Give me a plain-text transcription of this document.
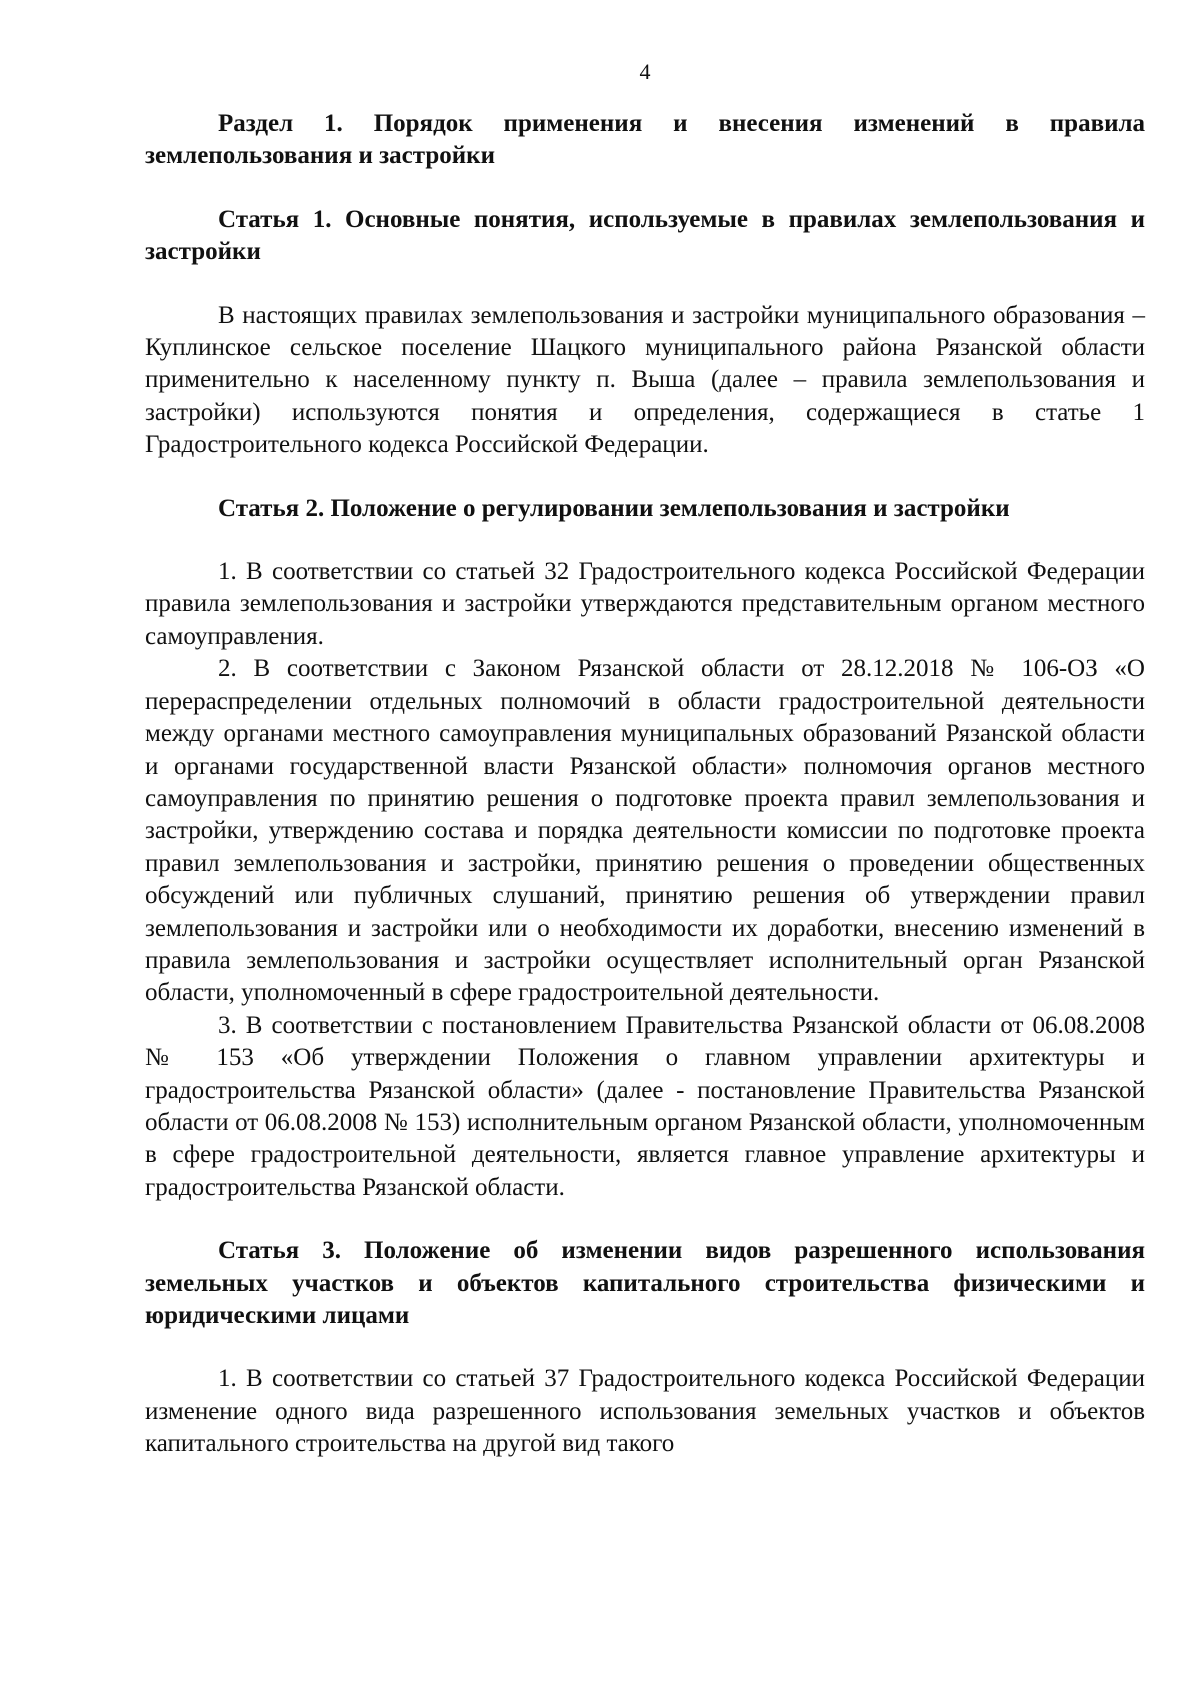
4
Раздел 1. Порядок применения и внесения изменений в правила землепользования и застройки
Статья 1. Основные понятия, используемые в правилах землепользования и застройки

В настоящих правилах землепользования и застройки муниципального образования – Куплинское сельское поселение Шацкого муниципального района Рязанской области применительно к населенному пункту п. Выша (далее – правила землепользования и застройки) используются понятия и определения, содержащиеся в статье 1 Градостроительного кодекса Российской Федерации.

Статья 2. Положение о регулировании землепользования и застройки

1. В соответствии со статьей 32 Градостроительного кодекса Российской Федерации правила землепользования и застройки утверждаются представительным органом местного самоуправления.

2. В соответствии с Законом Рязанской области от 28.12.2018 № 106-ОЗ «О перераспределении отдельных полномочий в области градостроительной деятельности между органами местного самоуправления муниципальных образований Рязанской области и органами государственной власти Рязанской области» полномочия органов местного самоуправления по принятию решения о подготовке проекта правил землепользования и застройки, утверждению состава и порядка деятельности комиссии по подготовке проекта правил землепользования и застройки, принятию решения о проведении общественных обсуждений или публичных слушаний, принятию решения об утверждении правил землепользования и застройки или о необходимости их доработки, внесению изменений в правила землепользования и застройки осуществляет исполнительный орган Рязанской области, уполномоченный в сфере градостроительной деятельности.

3. В соответствии с постановлением Правительства Рязанской области от 06.08.2008 № 153 «Об утверждении Положения о главном управлении архитектуры и градостроительства Рязанской области» (далее - постановление Правительства Рязанской области от 06.08.2008 № 153) исполнительным органом Рязанской области, уполномоченным в сфере градостроительной деятельности, является главное управление архитектуры и градостроительства Рязанской области.

Статья 3. Положение об изменении видов разрешенного использования земельных участков и объектов капитального строительства физическими и юридическими лицами

1. В соответствии со статьей 37 Градостроительного кодекса Российской Федерации изменение одного вида разрешенного использования земельных участков и объектов капитального строительства на другой вид такого
